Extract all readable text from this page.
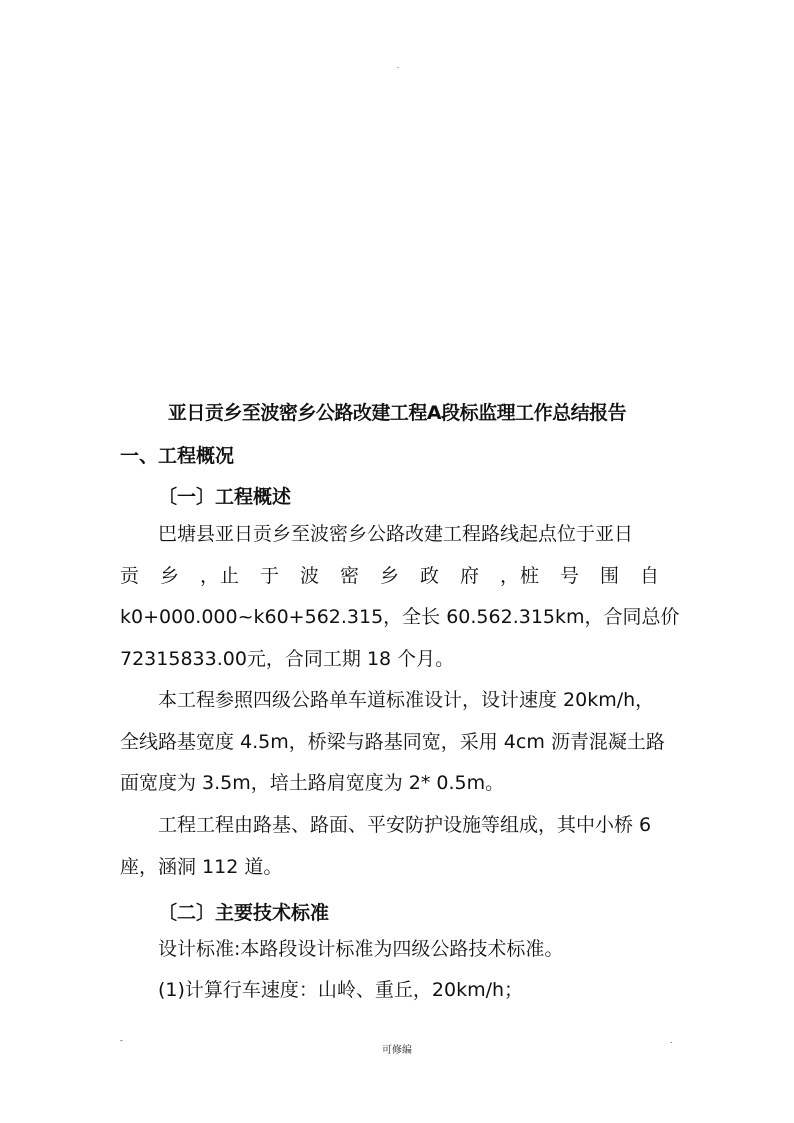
.
亚日贡乡至波密乡公路改建工程A段标监理工作总结报告
一、工程概况
〔一〕工程概述
巴塘县亚日贡乡至波密乡公路改建工程路线起点位于亚日
贡　乡　，止　于　波　密　乡　政　府　，桩　号　围　自
k0+000.000~k60+562.315，全长 60.562.315km，合同总价
72315833.00元，合同工期 18 个月。
本工程参照四级公路单车道标准设计，设计速度 20km/h，
全线路基宽度 4.5m，桥梁与路基同宽，采用 4cm 沥青混凝土路
面宽度为 3.5m，培土路肩宽度为 2* 0.5m。
工程工程由路基、路面、平安防护设施等组成，其中小桥 6
座，涵洞 112 道。
〔二〕主要技术标准
设计标准:本路段设计标准为四级公路技术标准。
(1)计算行车速度：山岭、重丘，20km/h；
-
可修编
.
